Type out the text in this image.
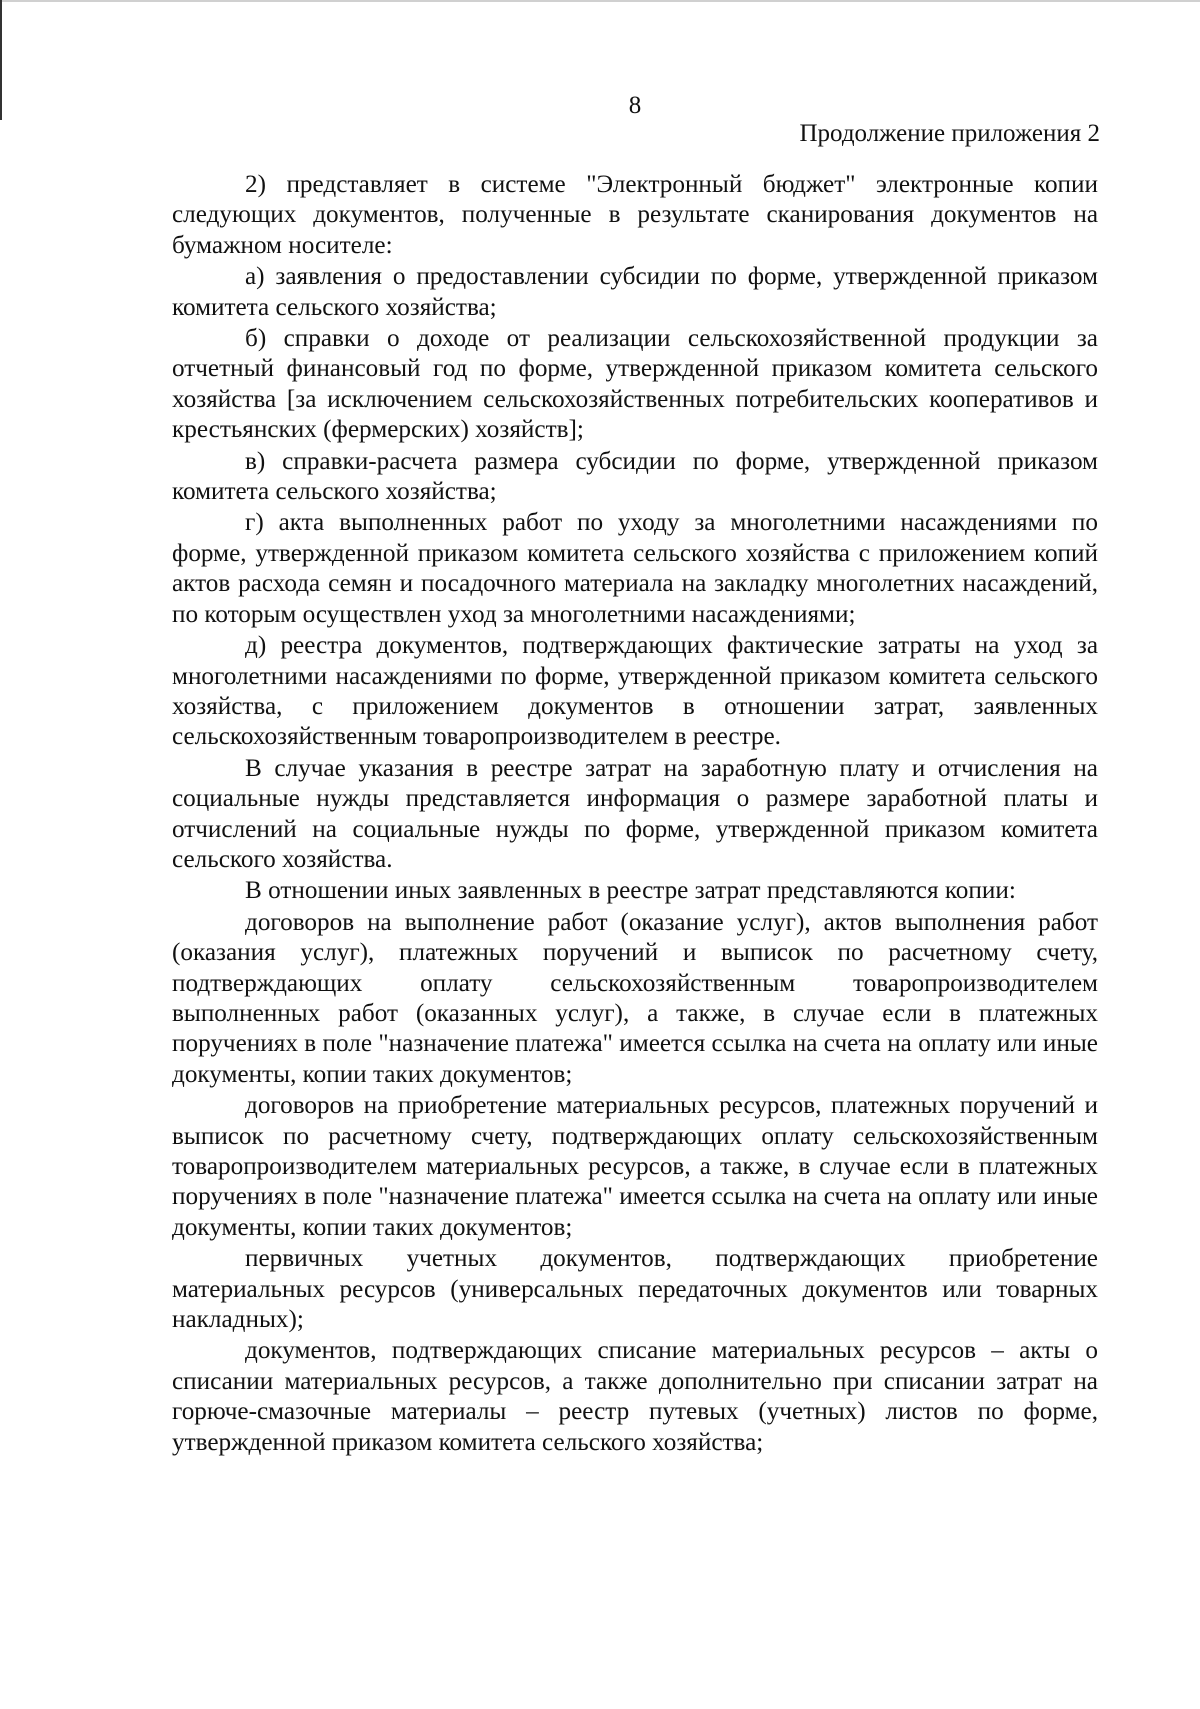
8
Продолжение приложения 2

2) представляет в системе "Электронный бюджет" электронные копии следующих документов, полученные в результате сканирования документов на бумажном носителе:

а) заявления о предоставлении субсидии по форме, утвержденной приказом комитета сельского хозяйства;

б) справки о доходе от реализации сельскохозяйственной продукции за отчетный финансовый год по форме, утвержденной приказом комитета сельского хозяйства [за исключением сельскохозяйственных потребительских кооперативов и крестьянских (фермерских) хозяйств];

в) справки-расчета размера субсидии по форме, утвержденной приказом комитета сельского хозяйства;

г) акта выполненных работ по уходу за многолетними насаждениями по форме, утвержденной приказом комитета сельского хозяйства с приложением копий актов расхода семян и посадочного материала на закладку многолетних насаждений, по которым осуществлен уход за многолетними насаждениями;

д) реестра документов, подтверждающих фактические затраты на уход за многолетними насаждениями по форме, утвержденной приказом комитета сельского хозяйства, с приложением документов в отношении затрат, заявленных сельскохозяйственным товаропроизводителем в реестре.

В случае указания в реестре затрат на заработную плату и отчисления на социальные нужды представляется информация о размере заработной платы и отчислений на социальные нужды по форме, утвержденной приказом комитета сельского хозяйства.

В отношении иных заявленных в реестре затрат представляются копии:

договоров на выполнение работ (оказание услуг), актов выполнения работ (оказания услуг), платежных поручений и выписок по расчетному счету, подтверждающих оплату сельскохозяйственным товаропроизводителем выполненных работ (оказанных услуг), а также, в случае если в платежных поручениях в поле "назначение платежа" имеется ссылка на счета на оплату или иные документы, копии таких документов;

договоров на приобретение материальных ресурсов, платежных поручений и выписок по расчетному счету, подтверждающих оплату сельскохозяйственным товаропроизводителем материальных ресурсов, а также, в случае если в платежных поручениях в поле "назначение платежа" имеется ссылка на счета на оплату или иные документы, копии таких документов;

первичных учетных документов, подтверждающих приобретение материальных ресурсов (универсальных передаточных документов или товарных накладных);

документов, подтверждающих списание материальных ресурсов – акты о списании материальных ресурсов, а также дополнительно при списании затрат на горюче-смазочные материалы – реестр путевых (учетных) листов по форме, утвержденной приказом комитета сельского хозяйства;
